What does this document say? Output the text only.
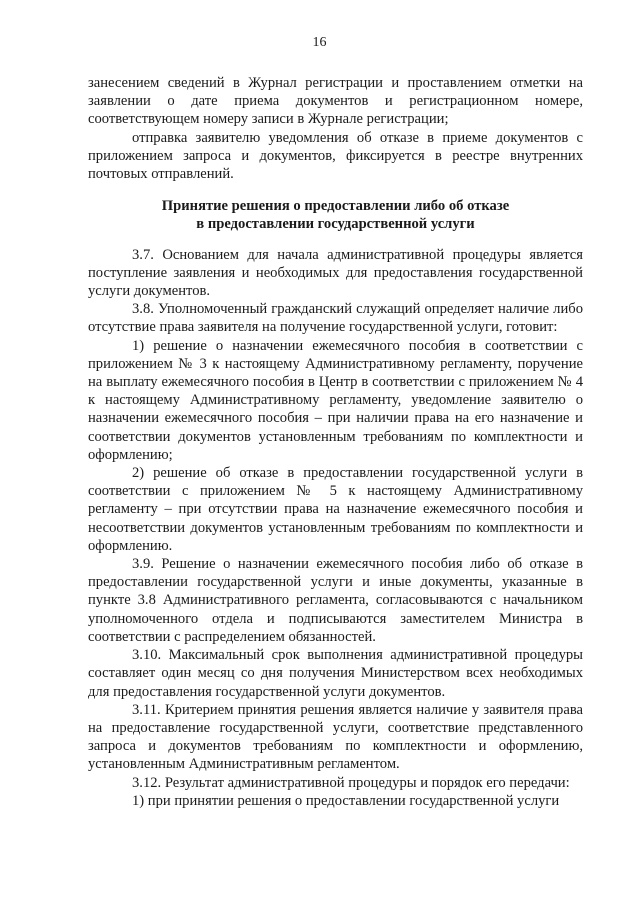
16

занесением сведений в Журнал регистрации и проставлением отметки на заявлении о дате приема документов и регистрационном номере, соответствующем номеру записи в Журнале регистрации;

отправка заявителю уведомления об отказе в приеме документов с приложением запроса и документов, фиксируется в реестре внутренних почтовых отправлений.

Принятие решения о предоставлении либо об отказе
в предоставлении государственной услуги

3.7. Основанием для начала административной процедуры является поступление заявления и необходимых для предоставления государственной услуги документов.

3.8. Уполномоченный гражданский служащий определяет наличие либо отсутствие права заявителя на получение государственной услуги, готовит:

1) решение о назначении ежемесячного пособия в соответствии с приложением № 3 к настоящему Административному регламенту, поручение на выплату ежемесячного пособия в Центр в соответствии с приложением № 4 к настоящему Административному регламенту, уведомление заявителю о назначении ежемесячного пособия – при наличии права на его назначение и соответствии документов установленным требованиям по комплектности и оформлению;

2) решение об отказе в предоставлении государственной услуги в соответствии с приложением № 5 к настоящему Административному регламенту – при отсутствии права на назначение ежемесячного пособия и несоответствии документов установленным требованиям по комплектности и оформлению.

3.9. Решение о назначении ежемесячного пособия либо об отказе в предоставлении государственной услуги и иные документы, указанные в пункте 3.8 Административного регламента, согласовываются с начальником уполномоченного отдела и подписываются заместителем Министра в соответствии с распределением обязанностей.

3.10. Максимальный срок выполнения административной процедуры составляет один месяц со дня получения Министерством всех необходимых для предоставления государственной услуги документов.

3.11. Критерием принятия решения является наличие у заявителя права на предоставление государственной услуги, соответствие представленного запроса и документов требованиям по комплектности и оформлению, установленным Административным регламентом.

3.12. Результат административной процедуры и порядок его передачи:

1) при принятии решения о предоставлении государственной услуги
